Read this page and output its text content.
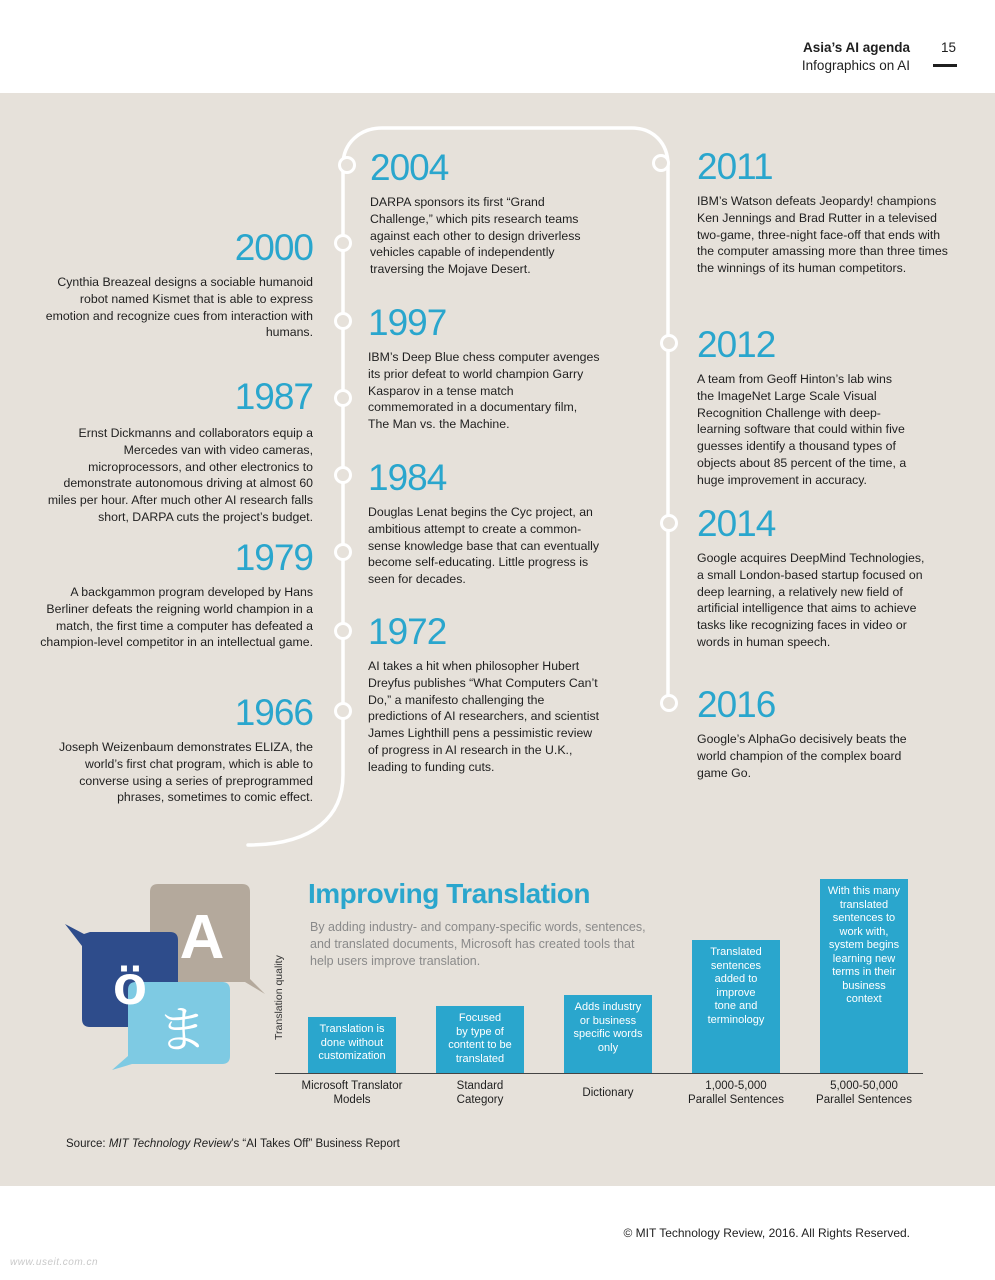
Asia’s AI agenda
Infographics on AI
15
2000
Cynthia Breazeal designs a sociable humanoid robot named Kismet that is able to express emotion and recognize cues from interaction with humans.
1987
Ernst Dickmanns and collaborators equip a Mercedes van with video cameras, microprocessors, and other electronics to demonstrate autonomous driving at almost 60 miles per hour. After much other AI research falls short, DARPA cuts the project’s budget.
1979
A backgammon program developed by Hans Berliner defeats the reigning world champion in a match, the first time a computer has defeated a champion-level competitor in an intellectual game.
1966
Joseph Weizenbaum demonstrates ELIZA, the world’s first chat program, which is able to converse using a series of preprogrammed phrases, sometimes to comic effect.
2004
DARPA sponsors its first “Grand Challenge,” which pits research teams against each other to design driverless vehicles capable of independently traversing the Mojave Desert.
1997
IBM’s Deep Blue chess computer avenges its prior defeat to world champion Garry Kasparov in a tense match commemorated in a documentary film, The Man vs. the Machine.
1984
Douglas Lenat begins the Cyc project, an ambitious attempt to create a common-sense knowledge base that can eventually become self-educating. Little progress is seen for decades.
1972
AI takes a hit when philosopher Hubert Dreyfus publishes “What Computers Can’t Do,” a manifesto challenging the predictions of AI researchers, and scientist James Lighthill pens a pessimistic review of progress in AI research in the U.K., leading to funding cuts.
2011
IBM’s Watson defeats Jeopardy! champions Ken Jennings and Brad Rutter in a televised two-game, three-night face-off that ends with the computer amassing more than three times the winnings of its human competitors.
2012
A team from Geoff Hinton’s lab wins the ImageNet Large Scale Visual Recognition Challenge with deep-learning software that could within five guesses identify a thousand types of objects about 85 percent of the time, a huge improvement in accuracy.
2014
Google acquires DeepMind Technologies, a small London-based startup focused on deep learning, a relatively new field of artificial intelligence that aims to achieve tasks like recognizing faces in video or words in human speech.
2016
Google’s AlphaGo decisively beats the world champion of the complex board game Go.
A
ö
ま
Improving Translation
By adding industry- and company-specific words, sentences, and translated documents, Microsoft has created tools that help users improve translation.
Translation quality	Translation is
done without
customization
Microsoft Translator
Models
Focused
by type of
content to be
translated
Standard
Category
Adds industry
or business
specific words
only
Dictionary
Translated
sentences
added to
improve
tone and
terminology
1,000-5,000
Parallel Sentences
With this many
translated
sentences to
work with,
system begins
learning new
terms in their
business
context
5,000-50,000
Parallel Sentences
Source: MIT Technology Review’s “AI Takes Off” Business Report
© MIT Technology Review, 2016. All Rights Reserved.
www.useit.com.cn
